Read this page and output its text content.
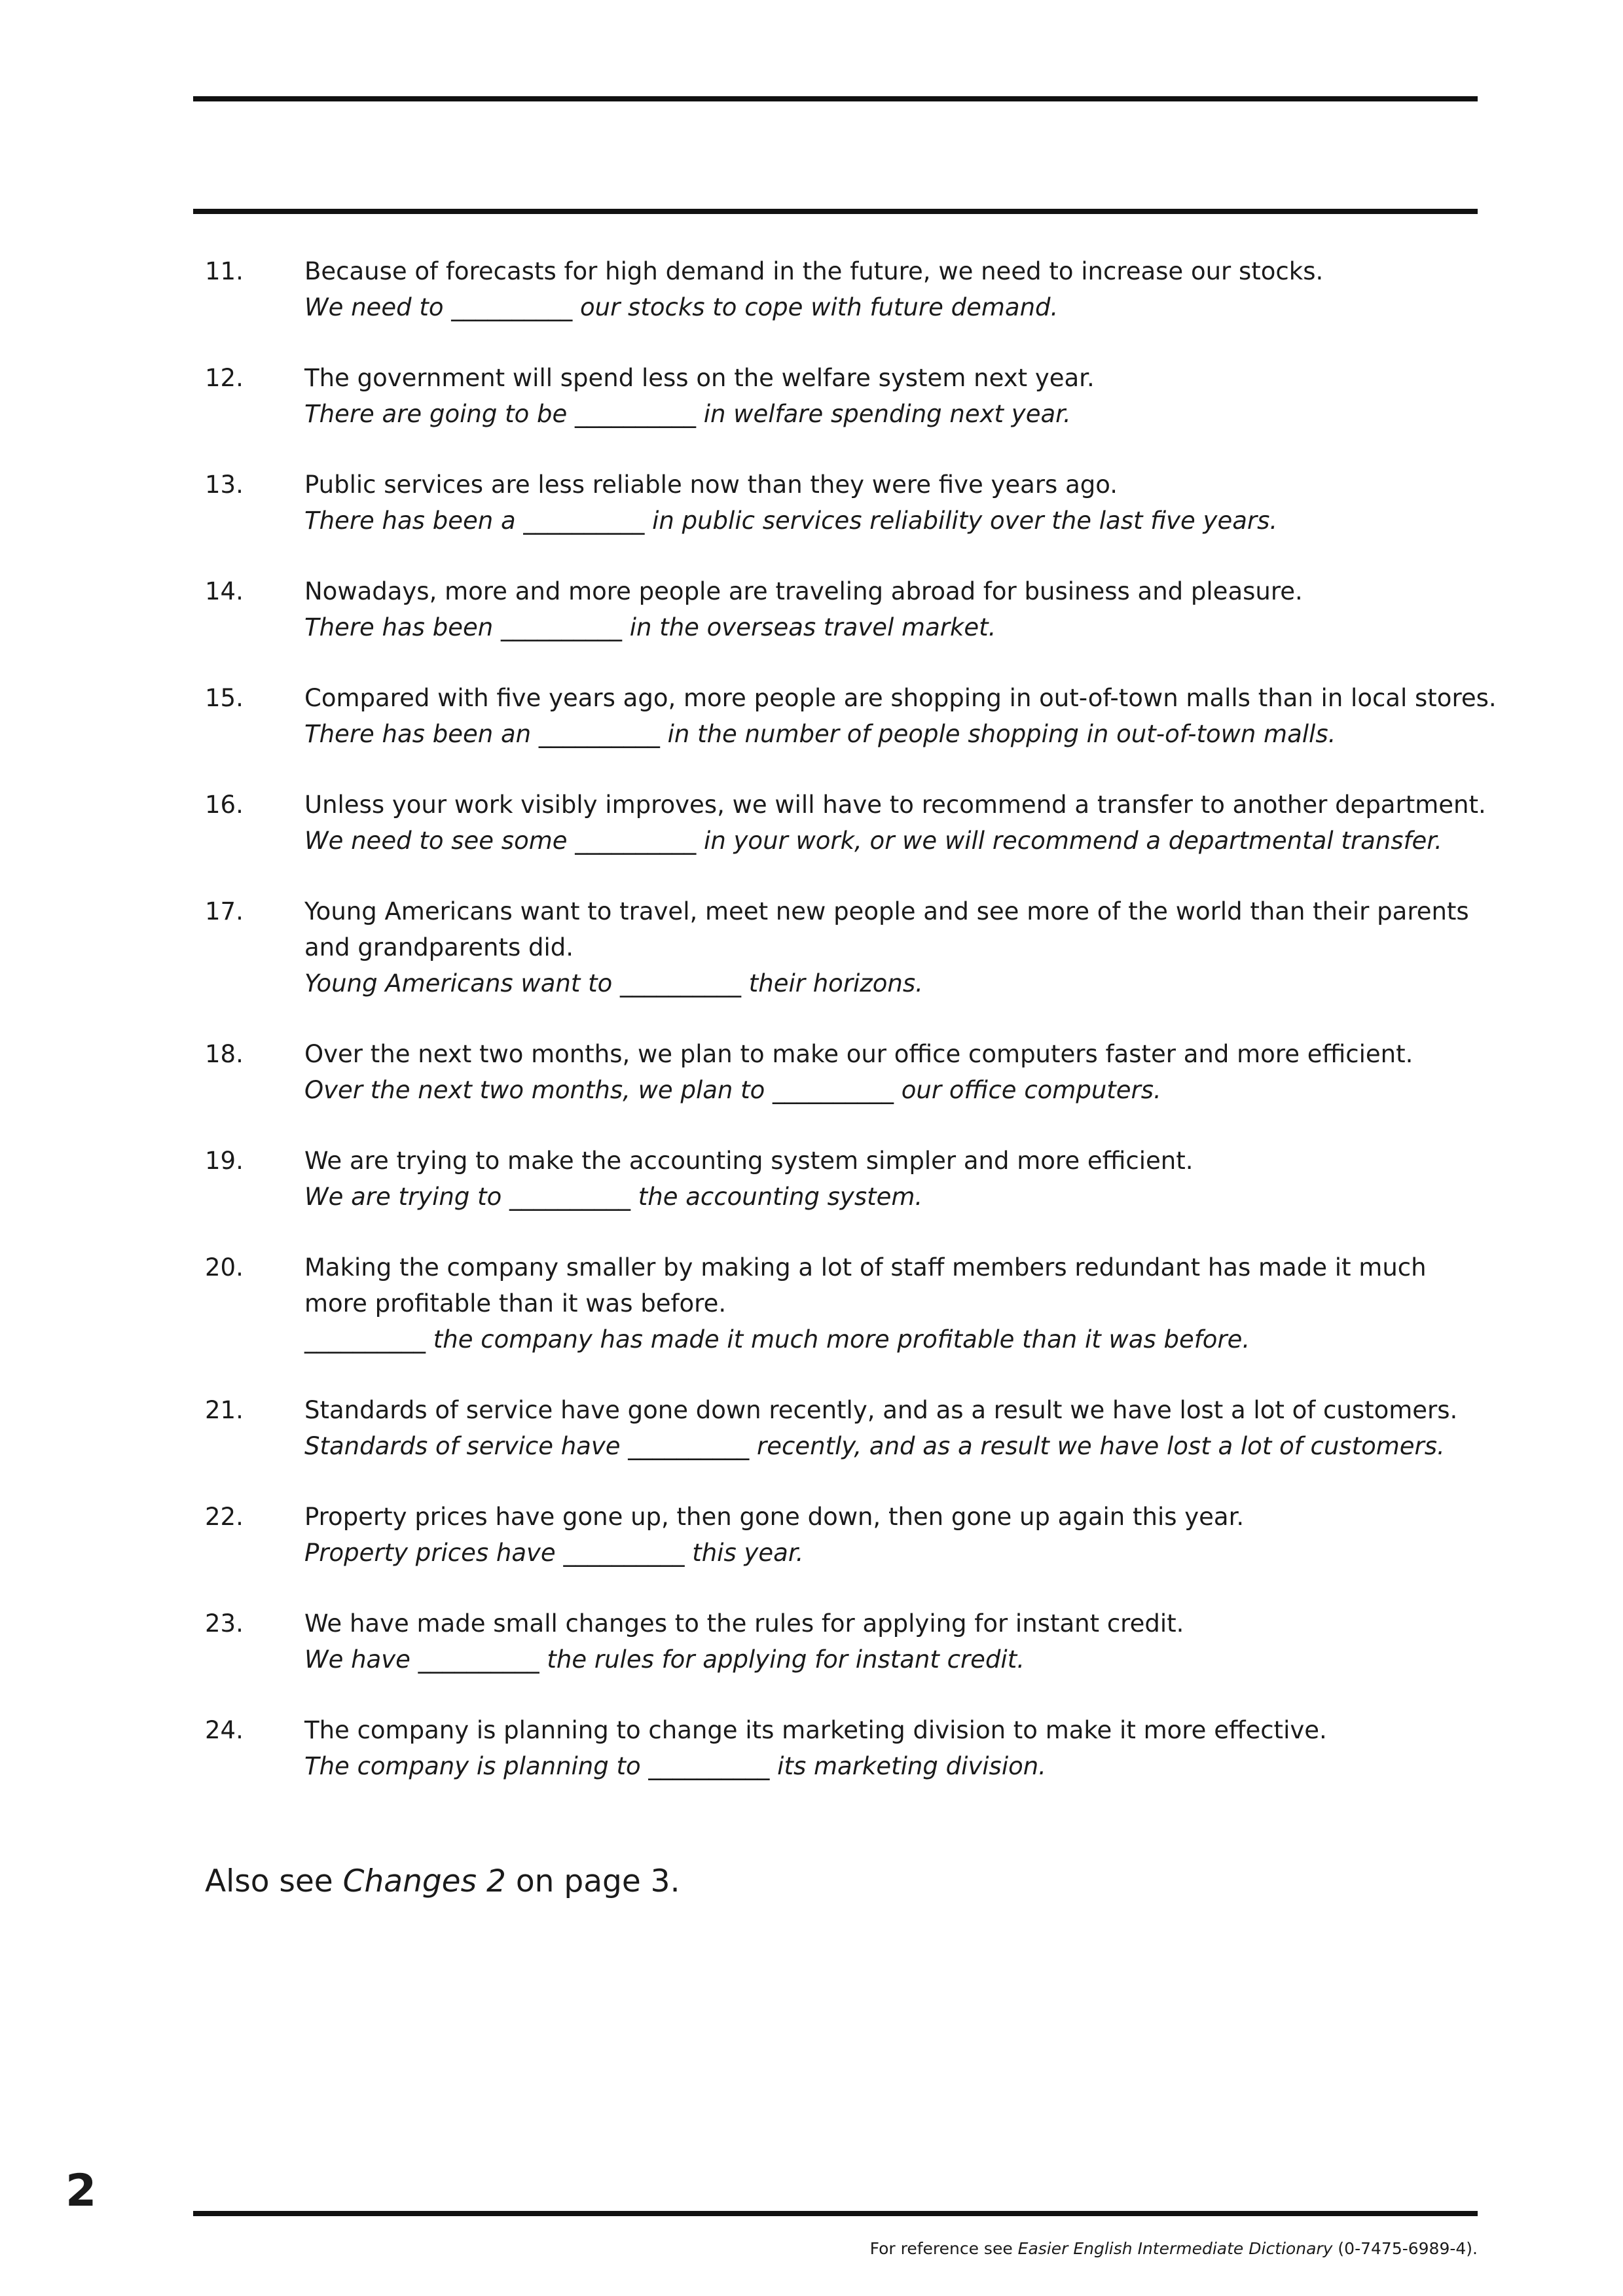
11.	Because of forecasts for high demand in the future, we need to increase our stocks.

We need to __________ our stocks to cope with future demand.

12.	The government will spend less on the welfare system next year.

There are going to be __________ in welfare spending next year.

13.	Public services are less reliable now than they were five years ago.

There has been a __________ in public services reliability over the last five years.

14.	Nowadays, more and more people are traveling abroad for business and pleasure.

There has been __________ in the overseas travel market.

15.	Compared with five years ago, more people are shopping in out-of-town malls than in local stores.

There has been an __________ in the number of people shopping in out-of-town malls.

16.	Unless your work visibly improves, we will have to recommend a transfer to another department.

We need to see some __________ in your work, or we will recommend a departmental transfer.

17.	Young Americans want to travel, meet new people and see more of the world than their parents and grandparents did.

Young Americans want to __________ their horizons.

18.	Over the next two months, we plan to make our office computers faster and more efficient.

Over the next two months, we plan to __________ our office computers.

19.	We are trying to make the accounting system simpler and more efficient.

We are trying to __________ the accounting system.

20.	Making the company smaller by making a lot of staff members redundant has made it much more profitable than it was before.

__________ the company has made it much more profitable than it was before.

21.	Standards of service have gone down recently, and as a result we have lost a lot of customers.

Standards of service have __________ recently, and as a result we have lost a lot of customers.

22.	Property prices have gone up, then gone down, then gone up again this year.

Property prices have __________ this year.

23.	We have made small changes to the rules for applying for instant credit.

We have __________ the rules for applying for instant credit.

24.	The company is planning to change its marketing division to make it more effective.

The company is planning to __________ its marketing division.

Also see Changes 2 on page 3.
2
For reference see Easier English Intermediate Dictionary (0-7475-6989-4).
